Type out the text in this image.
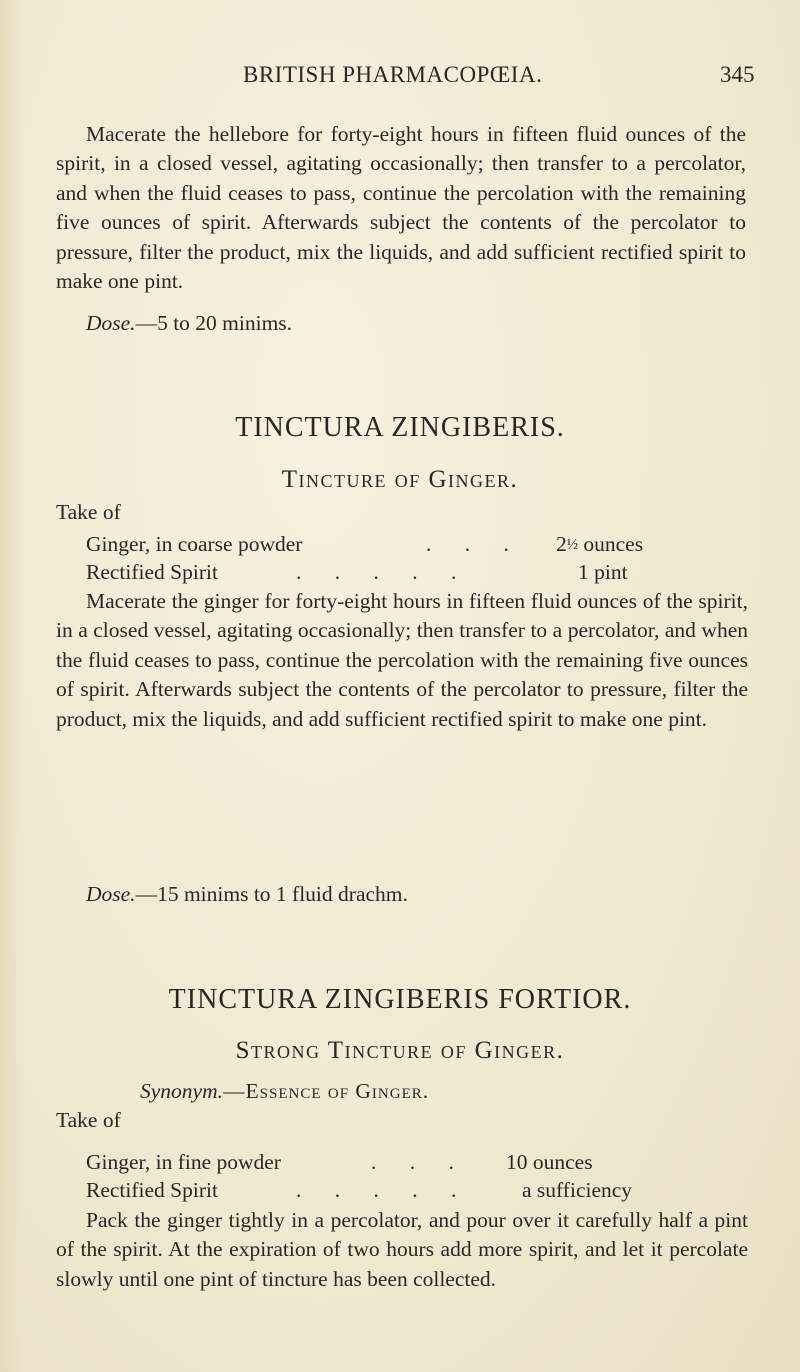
BRITISH PHARMACOPŒIA.	345

Macerate the hellebore for forty-eight hours in fifteen fluid ounces of the spirit, in a closed vessel, agitating occasionally; then transfer to a percolator, and when the fluid ceases to pass, continue the percolation with the remaining five ounces of spirit. Afterwards subject the contents of the percolator to pressure, filter the product, mix the liquids, and add sufficient rectified spirit to make one pint.

Dose.—5 to 20 minims.
TINCTURA ZINGIBERIS.
Tincture of Ginger.
Take of
Ginger, in coarse powder	. . . 2½ ounces
Rectified Spirit	. . . . .	1 pint

Macerate the ginger for forty-eight hours in fifteen fluid ounces of the spirit, in a closed vessel, agitating occasionally; then transfer to a percolator, and when the fluid ceases to pass, continue the percolation with the remaining five ounces of spirit. Afterwards subject the contents of the percolator to pressure, filter the product, mix the liquids, and add sufficient rectified spirit to make one pint.

Dose.—15 minims to 1 fluid drachm.
TINCTURA ZINGIBERIS FORTIOR.
Strong Tincture of Ginger.
Synonym.—Essence of Ginger.
Take of
Ginger, in fine powder	. . . 10 ounces
Rectified Spirit	. . . . . a sufficiency

Pack the ginger tightly in a percolator, and pour over it carefully half a pint of the spirit. At the expiration of two hours add more spirit, and let it percolate slowly until one pint of tincture has been collected.
